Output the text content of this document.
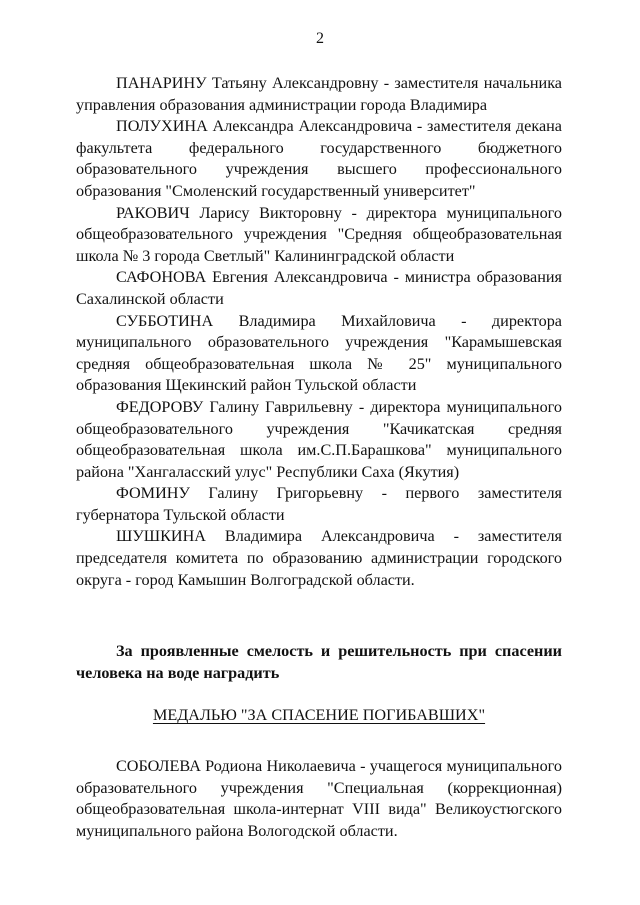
2

ПАНАРИНУ Татьяну Александровну - заместителя начальника
управления образования администрации города Владимира

ПОЛУХИНА Александра Александровича - заместителя декана
факультета федерального государственного бюджетного
образовательного учреждения высшего профессионального
образования "Смоленский государственный университет"

РАКОВИЧ Ларису Викторовну - директора муниципального
общеобразовательного учреждения "Средняя общеобразовательная
школа № 3 города Светлый" Калининградской области

САФОНОВА Евгения Александровича - министра образования
Сахалинской области

СУББОТИНА Владимира Михайловича - директора
муниципального образовательного учреждения "Карамышевская
средняя общеобразовательная школа № 25" муниципального
образования Щекинский район Тульской области

ФЕДОРОВУ Галину Гаврильевну - директора муниципального
общеобразовательного учреждения "Качикатская средняя
общеобразовательная школа им.С.П.Барашкова" муниципального
района "Хангаласский улус" Республики Саха (Якутия)

ФОМИНУ Галину Григорьевну - первого заместителя
губернатора Тульской области

ШУШКИНА Владимира Александровича - заместителя
председателя комитета по образованию администрации городского
округа - город Камышин Волгоградской области.

За проявленные смелость и решительность при спасении
человека на воде наградить

МЕДАЛЬЮ "ЗА СПАСЕНИЕ ПОГИБАВШИХ"

СОБОЛЕВА Родиона Николаевича - учащегося муниципального
образовательного учреждения "Специальная (коррекционная)
общеобразовательная школа-интернат VIII вида" Великоустюгского
муниципального района Вологодской области.
